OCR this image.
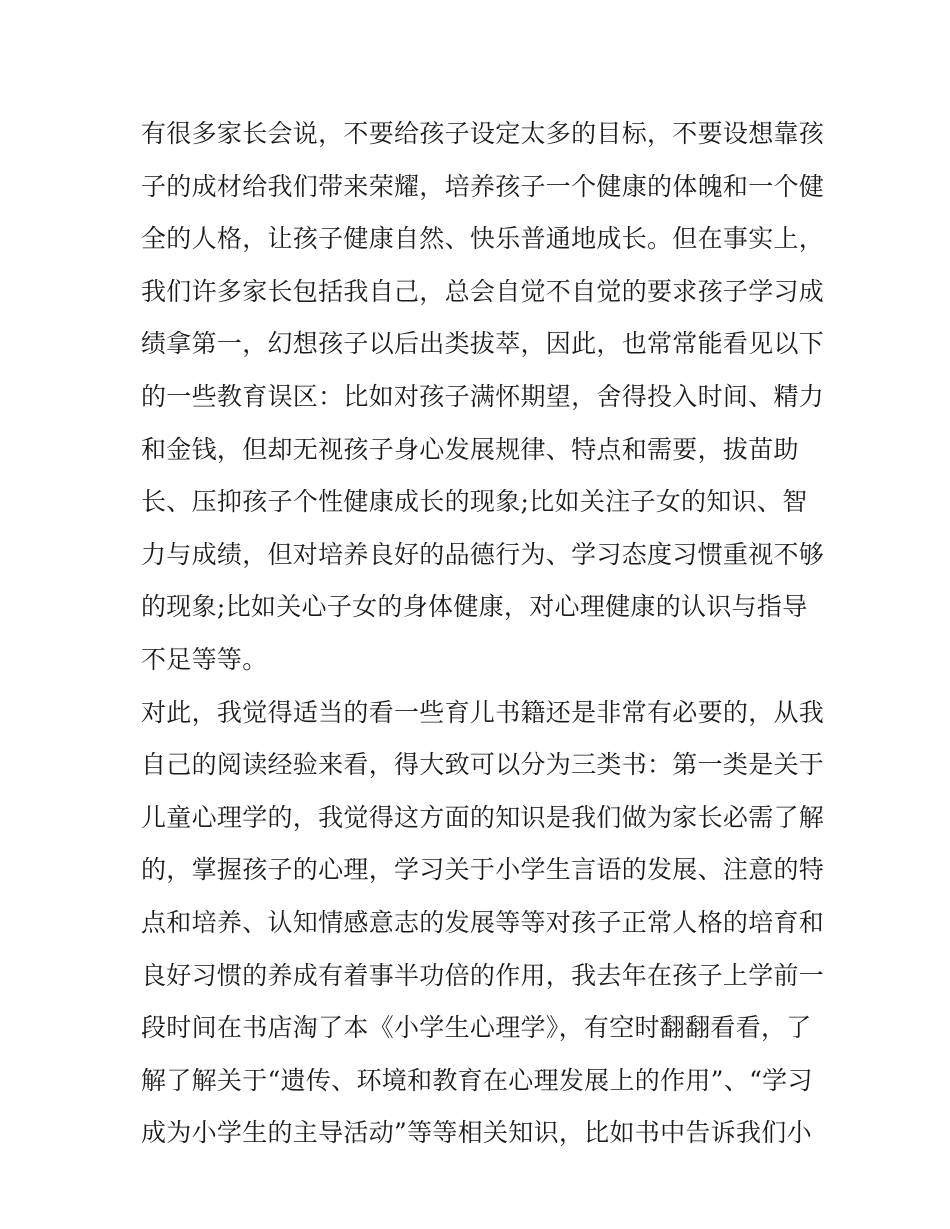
有很多家长会说，不要给孩子设定太多的目标，不要设想靠孩
子的成材给我们带来荣耀，培养孩子一个健康的体魄和一个健
全的人格，让孩子健康自然、快乐普通地成长。但在事实上，
我们许多家长包括我自己，总会自觉不自觉的要求孩子学习成
绩拿第一，幻想孩子以后出类拔萃，因此，也常常能看见以下
的一些教育误区：比如对孩子满怀期望，舍得投入时间、精力
和金钱，但却无视孩子身心发展规律、特点和需要，拔苗助
长、压抑孩子个性健康成长的现象;比如关注子女的知识、智
力与成绩，但对培养良好的品德行为、学习态度习惯重视不够
的现象;比如关心子女的身体健康，对心理健康的认识与指导
不足等等。
对此，我觉得适当的看一些育儿书籍还是非常有必要的，从我
自己的阅读经验来看，得大致可以分为三类书：第一类是关于
儿童心理学的，我觉得这方面的知识是我们做为家长必需了解
的，掌握孩子的心理，学习关于小学生言语的发展、注意的特
点和培养、认知情感意志的发展等等对孩子正常人格的培育和
良好习惯的养成有着事半功倍的作用，我去年在孩子上学前一
段时间在书店淘了本《小学生心理学》，有空时翻翻看看，了
解了解关于“遗传、环境和教育在心理发展上的作用”、“学习
成为小学生的主导活动”等等相关知识，比如书中告诉我们小
